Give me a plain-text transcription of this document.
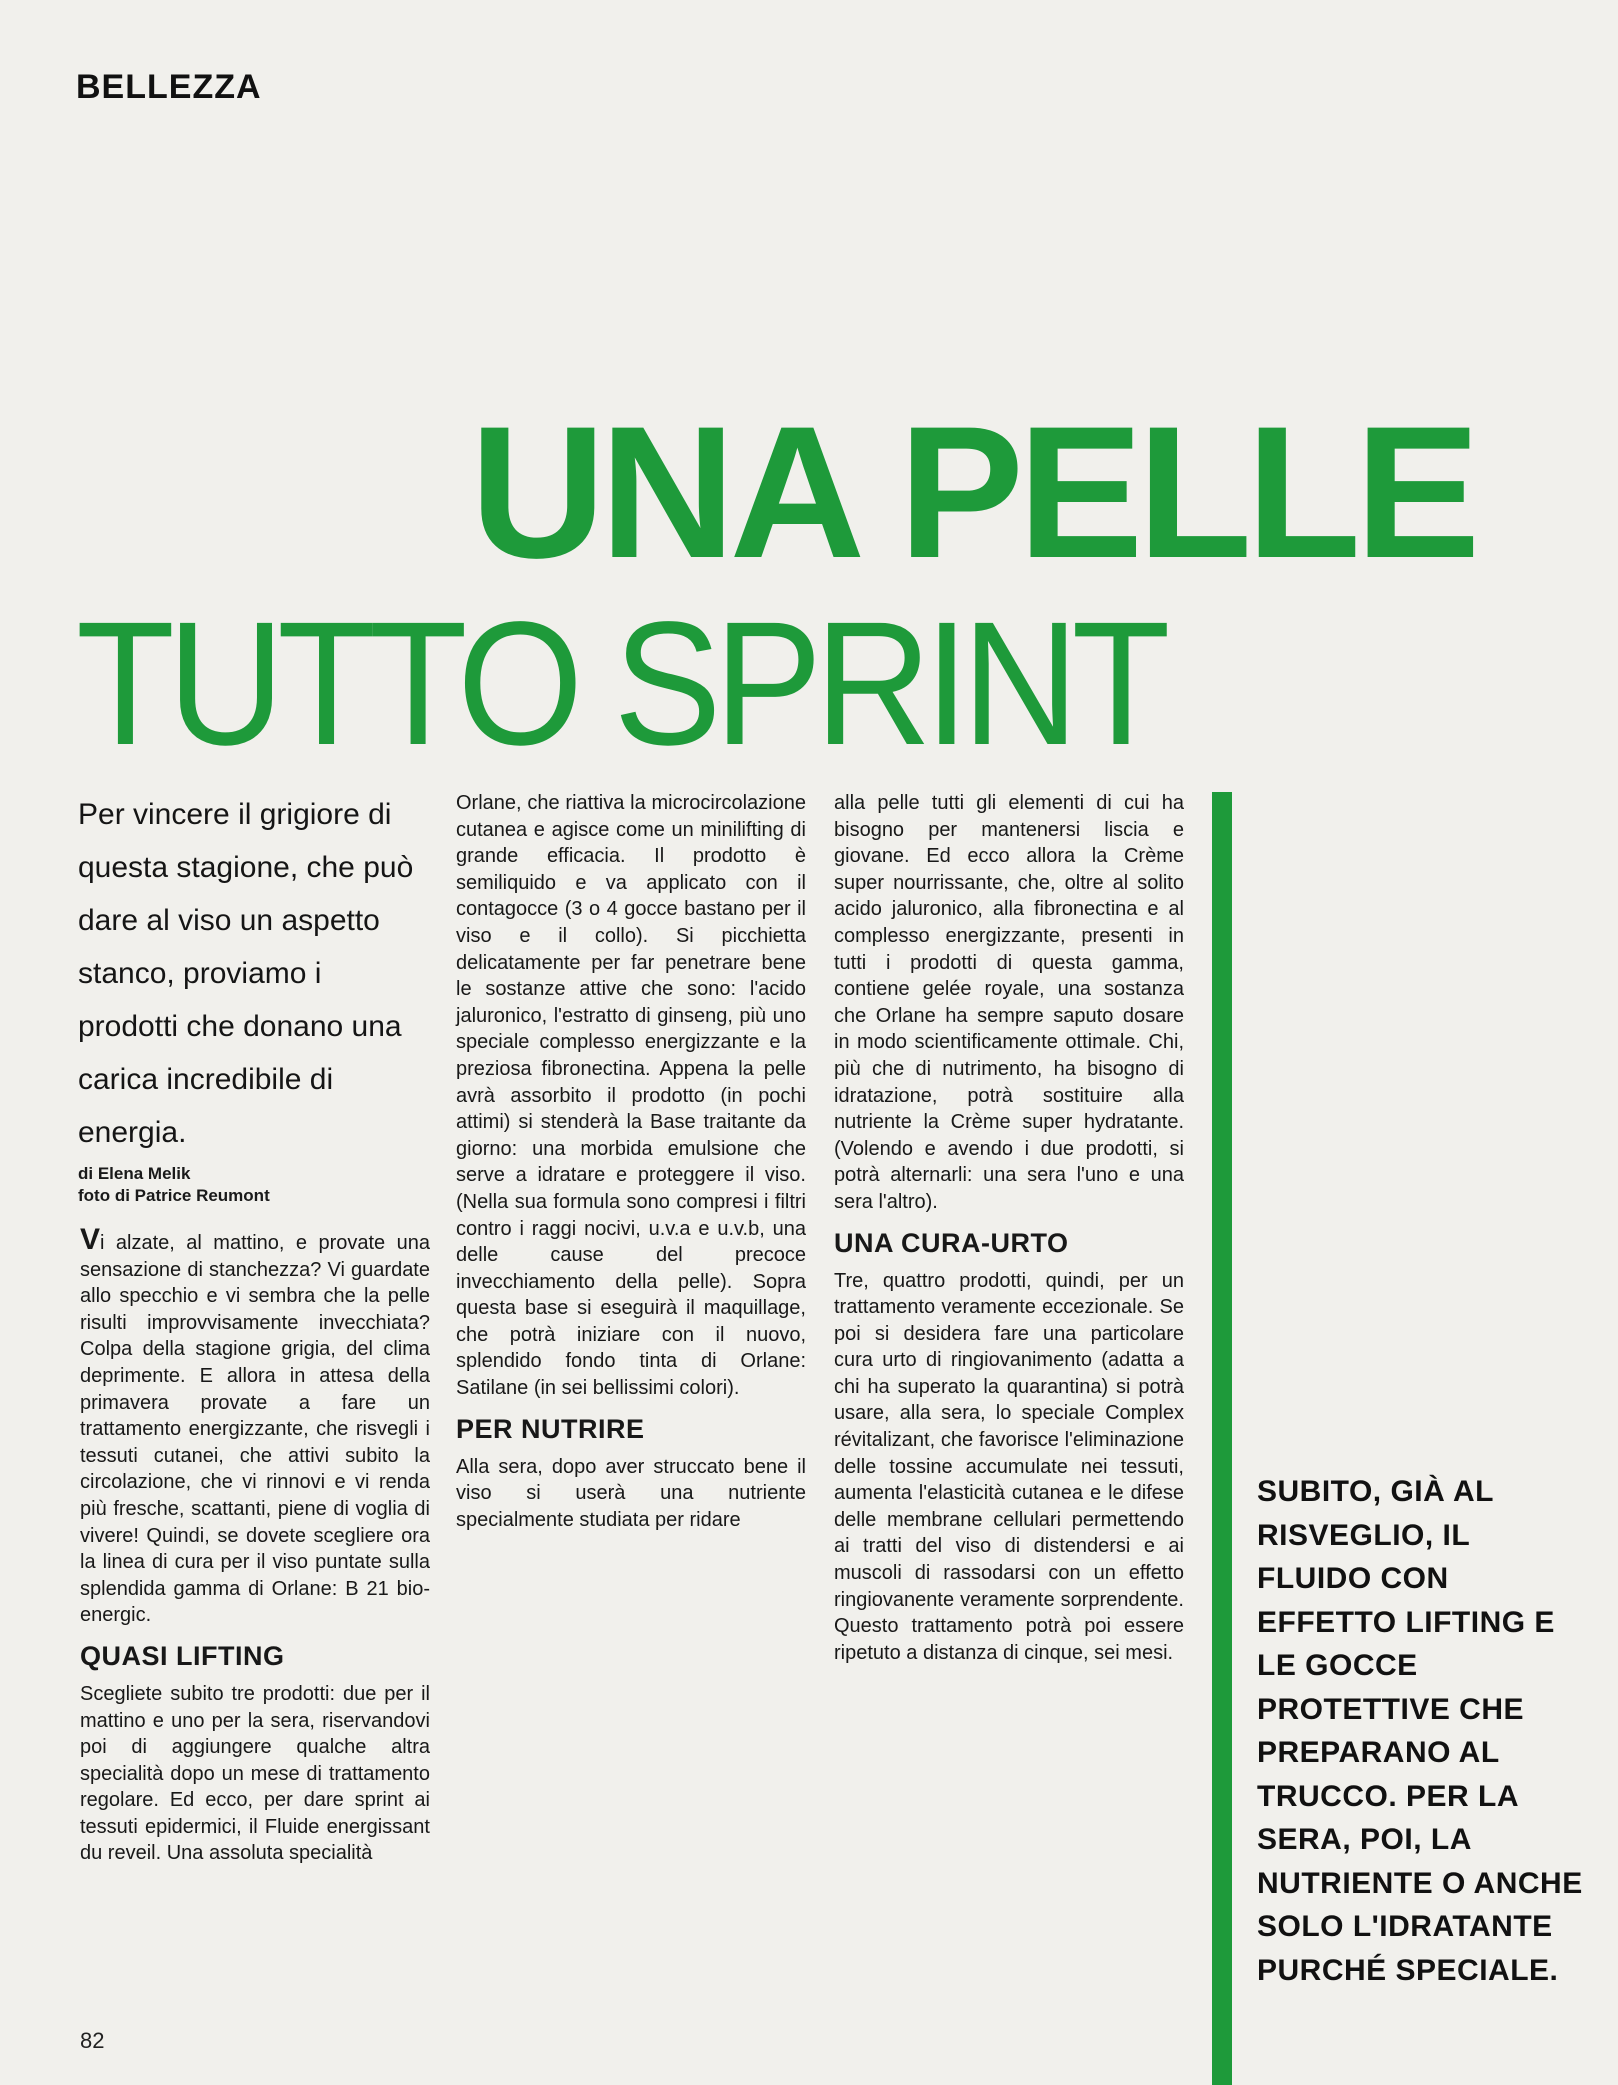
BELLEZZA
UNA PELLE
TUTTO SPRINT
Per vincere il grigiore di questa stagione, che può dare al viso un aspetto stanco, proviamo i prodotti che donano una carica incredibile di energia.
di Elena Melik
foto di Patrice Reumont

Vi alzate, al mattino, e provate una sensazione di stanchezza? Vi guardate allo specchio e vi sembra che la pelle risulti improvvisamente invecchiata? Colpa della stagione grigia, del clima deprimente. E allora in attesa della primavera provate a fare un trattamento energizzante, che risvegli i tessuti cutanei, che attivi subito la circolazione, che vi rinnovi e vi renda più fresche, scattanti, piene di voglia di vivere! Quindi, se dovete scegliere ora la linea di cura per il viso puntate sulla splendida gamma di Orlane: B 21 bio-energic.

QUASI LIFTING

Scegliete subito tre prodotti: due per il mattino e uno per la sera, riservandovi poi di aggiungere qualche altra specialità dopo un mese di trattamento regolare. Ed ecco, per dare sprint ai tessuti epidermici, il Fluide energissant du reveil. Una assoluta specialità

Orlane, che riattiva la microcircolazione cutanea e agisce come un minilifting di grande efficacia. Il prodotto è semiliquido e va applicato con il contagocce (3 o 4 gocce bastano per il viso e il collo). Si picchietta delicatamente per far penetrare bene le sostanze attive che sono: l'acido jaluronico, l'estratto di ginseng, più uno speciale complesso energizzante e la preziosa fibronectina. Appena la pelle avrà assorbito il prodotto (in pochi attimi) si stenderà la Base traitante da giorno: una morbida emulsione che serve a idratare e proteggere il viso. (Nella sua formula sono compresi i filtri contro i raggi nocivi, u.v.a e u.v.b, una delle cause del precoce invecchiamento della pelle). Sopra questa base si eseguirà il maquillage, che potrà iniziare con il nuovo, splendido fondo tinta di Orlane: Satilane (in sei bellissimi colori).

PER NUTRIRE

Alla sera, dopo aver struccato bene il viso si userà una nutriente specialmente studiata per ridare

alla pelle tutti gli elementi di cui ha bisogno per mantenersi liscia e giovane. Ed ecco allora la Crème super nourrissante, che, oltre al solito acido jaluronico, alla fibronectina e al complesso energizzante, presenti in tutti i prodotti di questa gamma, contiene gelée royale, una sostanza che Orlane ha sempre saputo dosare in modo scientificamente ottimale. Chi, più che di nutrimento, ha bisogno di idratazione, potrà sostituire alla nutriente la Crème super hydratante. (Volendo e avendo i due prodotti, si potrà alternarli: una sera l'uno e una sera l'altro).

UNA CURA-URTO

Tre, quattro prodotti, quindi, per un trattamento veramente eccezionale. Se poi si desidera fare una particolare cura urto di ringiovanimento (adatta a chi ha superato la quarantina) si potrà usare, alla sera, lo speciale Complex révitalizant, che favorisce l'eliminazione delle tossine accumulate nei tessuti, aumenta l'elasticità cutanea e le difese delle membrane cellulari permettendo ai tratti del viso di distendersi e ai muscoli di rassodarsi con un effetto ringiovanente veramente sorprendente. Questo trattamento potrà poi essere ripetuto a distanza di cinque, sei mesi.

SUBITO, GIÀ AL RISVEGLIO, IL FLUIDO CON EFFETTO LIFTING E LE GOCCE PROTETTIVE CHE PREPARANO AL TRUCCO. PER LA SERA, POI, LA NUTRIENTE O ANCHE SOLO L'IDRATANTE PURCHÉ SPECIALE.
82
